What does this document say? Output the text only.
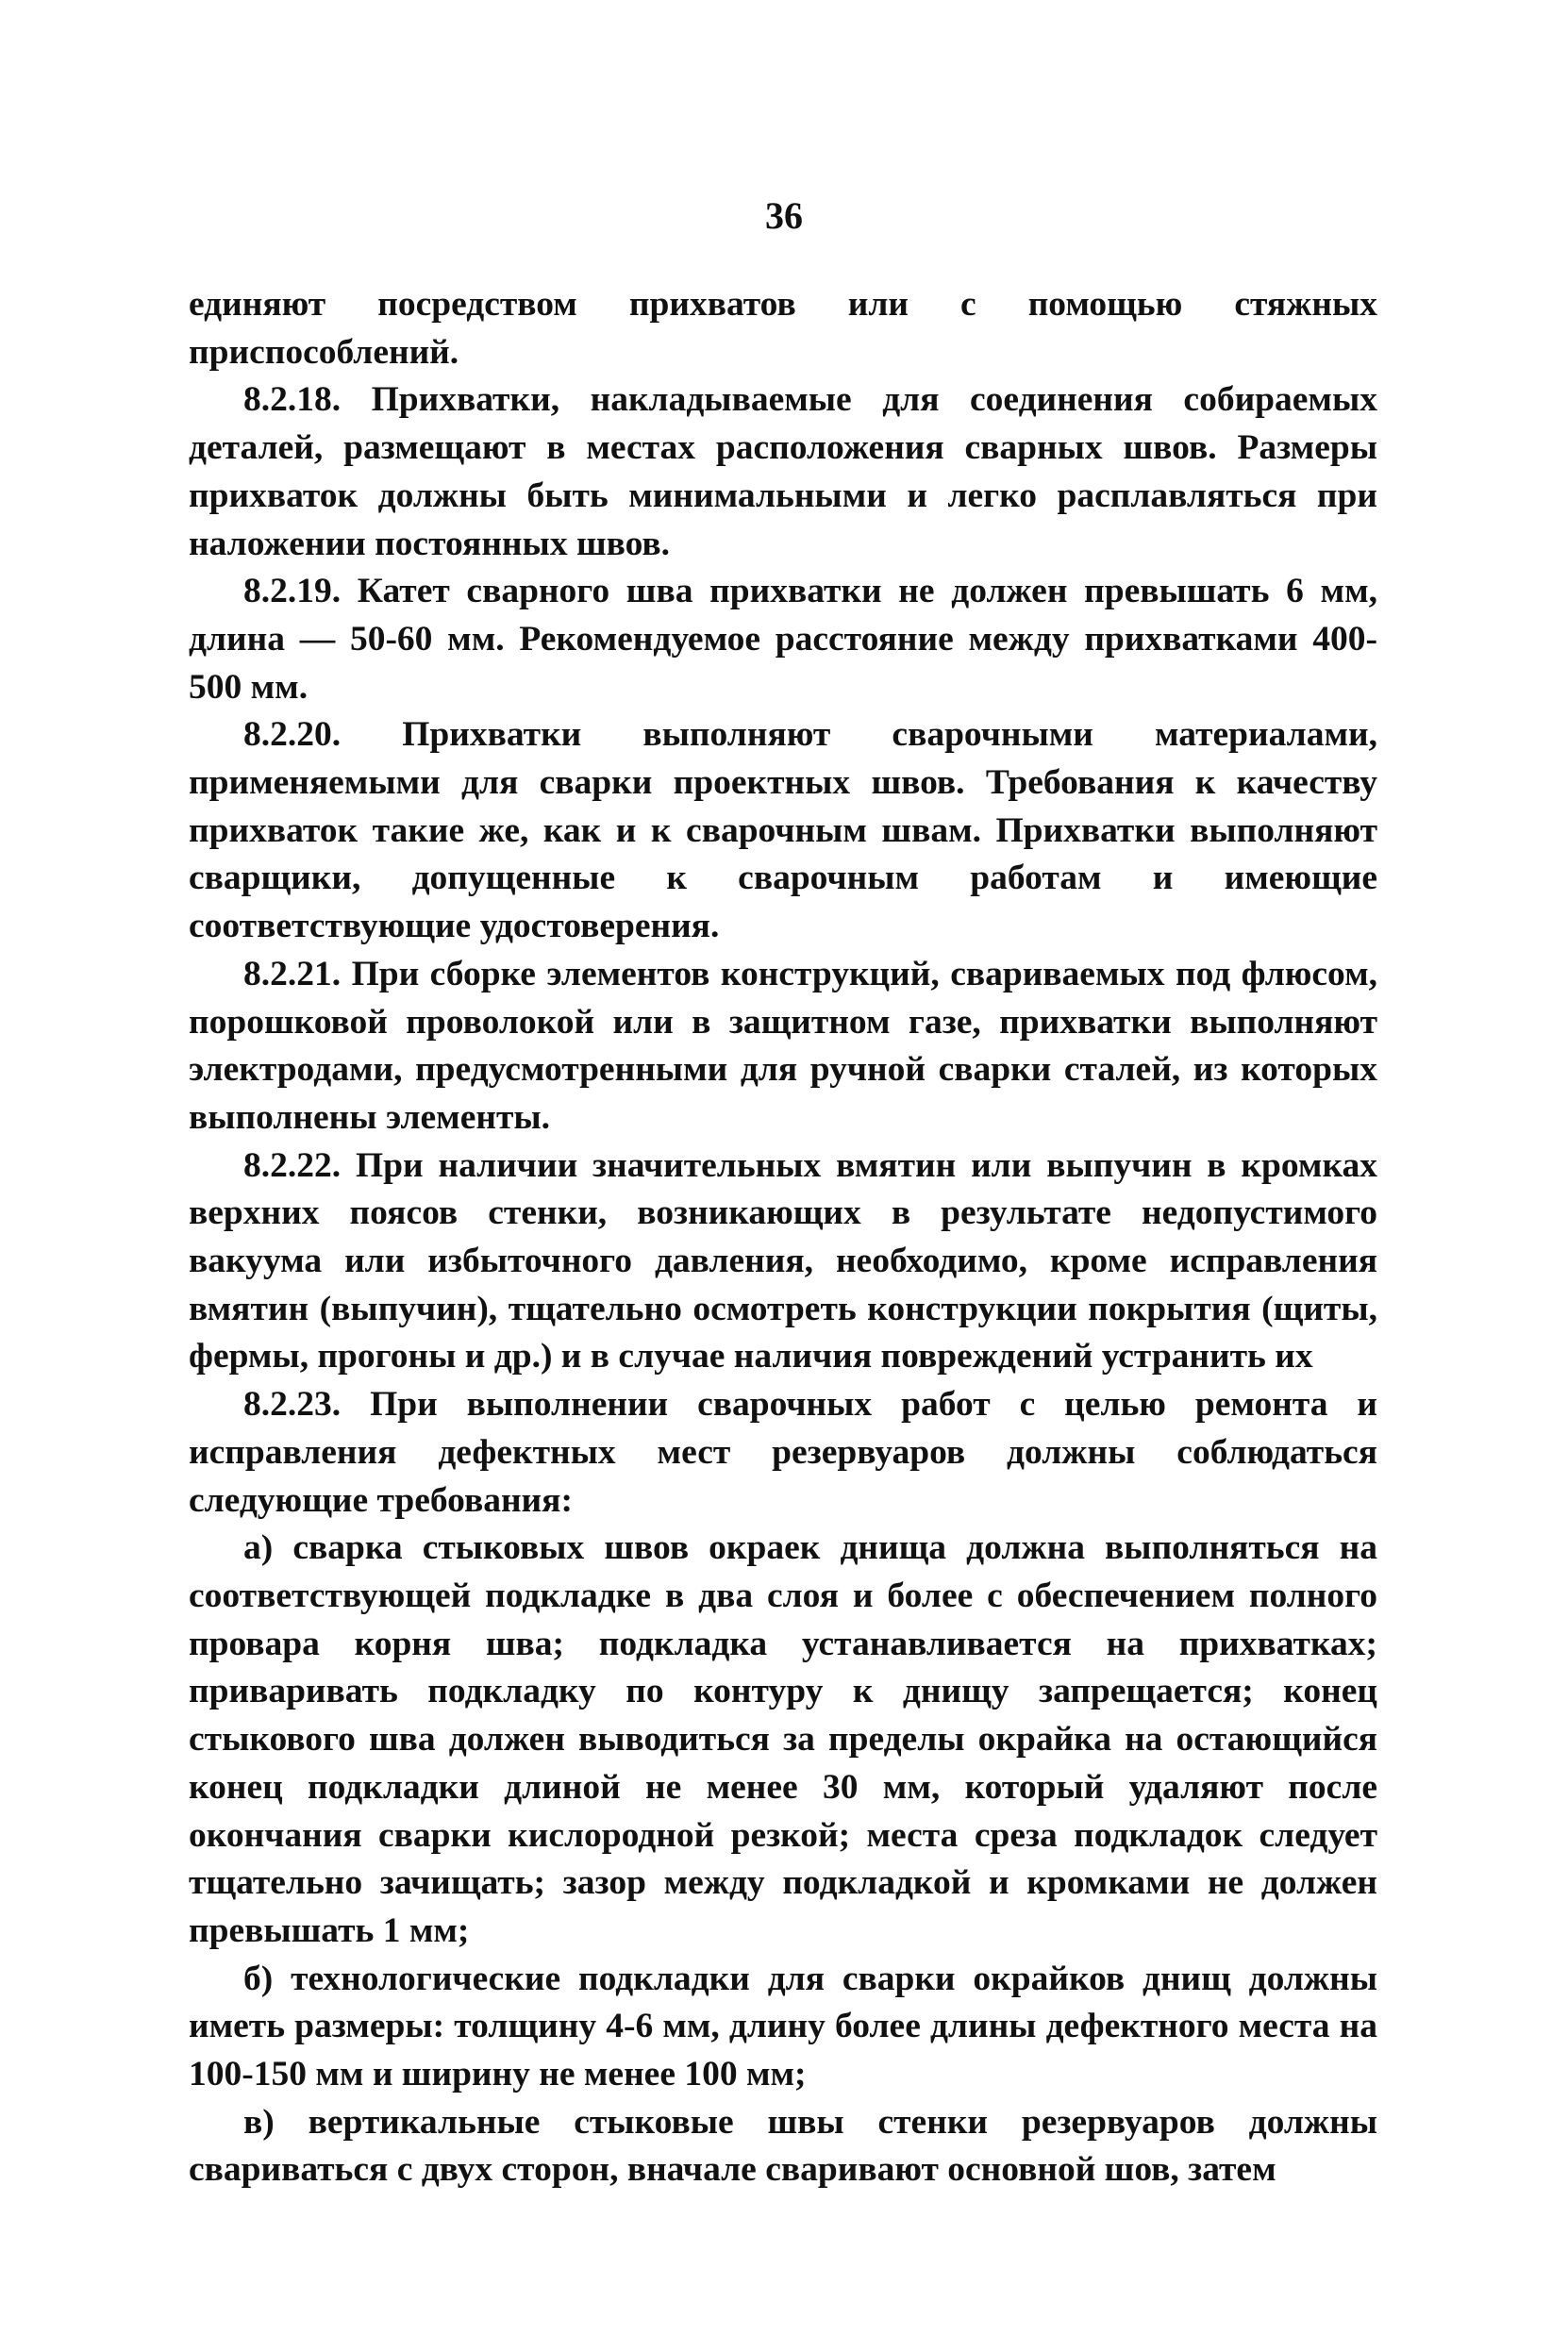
36

единяют посредством прихватов или с помощью стяжных приспособлений.

8.2.18. Прихватки, накладываемые для соединения собираемых деталей, размещают в местах расположения сварных швов. Размеры прихваток должны быть минимальными и легко расплавляться при наложении постоянных швов.

8.2.19. Катет сварного шва прихватки не должен превышать 6 мм, длина — 50-60 мм. Рекомендуемое расстояние между прихватками 400-500 мм.

8.2.20. Прихватки выполняют сварочными материалами, применяемыми для сварки проектных швов. Требования к качеству прихваток такие же, как и к сварочным швам. Прихватки выполняют сварщики, допущенные к сварочным работам и имеющие соответствующие удостоверения.

8.2.21. При сборке элементов конструкций, свариваемых под флюсом, порошковой проволокой или в защитном газе, прихватки выполняют электродами, предусмотренными для ручной сварки сталей, из которых выполнены элементы.

8.2.22. При наличии значительных вмятин или выпучин в кромках верхних поясов стенки, возникающих в результате недопустимого вакуума или избыточного давления, необходимо, кроме исправления вмятин (выпучин), тщательно осмотреть конструкции покрытия (щиты, фермы, прогоны и др.) и в случае наличия повреждений устранить их

8.2.23. При выполнении сварочных работ с целью ремонта и исправления дефектных мест резервуаров должны соблюдаться следующие требования:

а) сварка стыковых швов окраек днища должна выполняться на соответствующей подкладке в два слоя и более с обеспечением полного провара корня шва; подкладка устанавливается на прихватках; приваривать подкладку по контуру к днищу запрещается; конец стыкового шва должен выводиться за пределы окрайка на остающийся конец подкладки длиной не менее 30 мм, который удаляют после окончания сварки кислородной резкой; места среза подкладок следует тщательно зачищать; зазор между подкладкой и кромками не должен превышать 1 мм;

б) технологические подкладки для сварки окрайков днищ должны иметь размеры: толщину 4-6 мм, длину более длины дефектного места на 100-150 мм и ширину не менее 100 мм;

в) вертикальные стыковые швы стенки резервуаров должны свариваться с двух сторон, вначале сваривают основной шов, затем
